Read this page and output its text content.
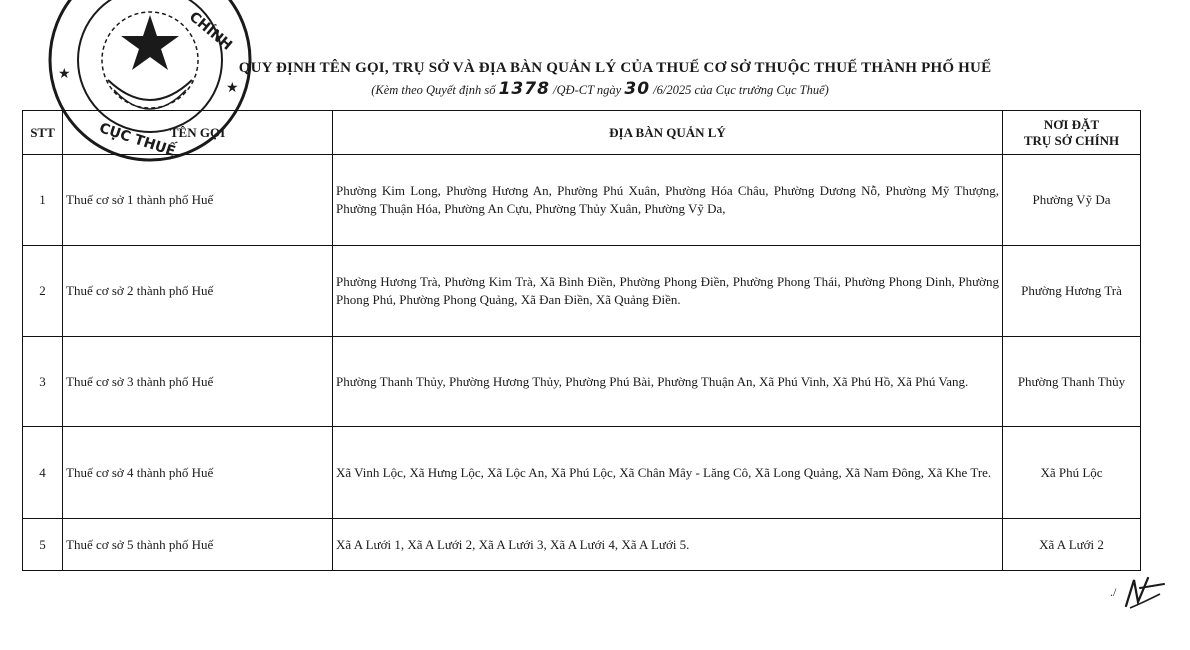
★
★
CHÍNH
CỤC THUẾ
QUY ĐỊNH TÊN GỌI, TRỤ SỞ VÀ ĐỊA BÀN QUẢN LÝ CỦA THUẾ CƠ SỞ THUỘC THUẾ THÀNH PHỐ HUẾ
(Kèm theo Quyết định số 1378 /QĐ-CT ngày 30 /6/2025 của Cục trưởng Cục Thuế)
STT	TÊN GỌI	ĐỊA BÀN QUẢN LÝ	NƠI ĐẶT
TRỤ SỞ CHÍNH
1	Thuế cơ sở 1 thành phố Huế	Phường Kim Long, Phường Hương An, Phường Phú Xuân, Phường Hóa Châu, Phường Dương Nỗ, Phường Mỹ Thượng, Phường Thuận Hóa, Phường An Cựu, Phường Thủy Xuân, Phường Vỹ Da,	Phường Vỹ Da
2	Thuế cơ sở 2 thành phố Huế	Phường Hương Trà, Phường Kim Trà, Xã Bình Điền, Phường Phong Điền, Phường Phong Thái, Phường Phong Dinh, Phường Phong Phú, Phường Phong Quảng, Xã Đan Điền, Xã Quảng Điền.	Phường Hương Trà
3	Thuế cơ sở 3 thành phố Huế	Phường Thanh Thủy, Phường Hương Thủy, Phường Phú Bài, Phường Thuận An, Xã Phú Vinh, Xã Phú Hồ, Xã Phú Vang.	Phường Thanh Thủy
4	Thuế cơ sở 4 thành phố Huế	Xã Vinh Lộc, Xã Hưng Lộc, Xã Lộc An, Xã Phú Lộc, Xã Chân Mây - Lăng Cô, Xã Long Quảng, Xã Nam Đông, Xã Khe Tre.	Xã Phú Lộc
5	Thuế cơ sở 5 thành phố Huế	Xã A Lưới 1, Xã A Lưới 2, Xã A Lưới 3, Xã A Lưới 4, Xã A Lưới 5.	Xã A Lưới 2
./
